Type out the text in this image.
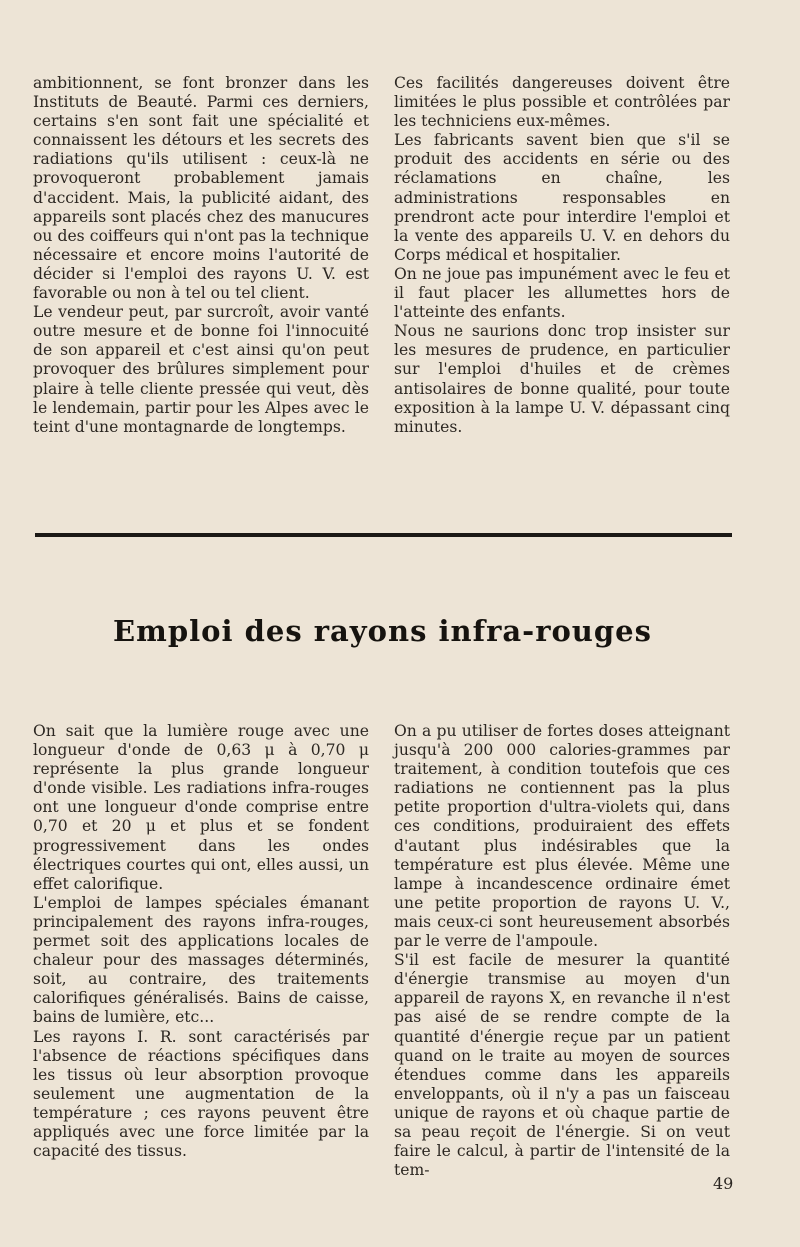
ambitionnent, se font bronzer dans les Instituts de Beauté. Parmi ces derniers, certains s'en sont fait une spécialité et connaissent les détours et les secrets des radiations qu'ils utilisent : ceux-là ne provoqueront probablement jamais d'accident. Mais, la publicité aidant, des appareils sont placés chez des manucures ou des coiffeurs qui n'ont pas la technique nécessaire et encore moins l'autorité de décider si l'emploi des rayons U. V. est favorable ou non à tel ou tel client.

Le vendeur peut, par surcroît, avoir vanté outre mesure et de bonne foi l'innocuité de son appareil et c'est ainsi qu'on peut provoquer des brûlures simplement pour plaire à telle cliente pressée qui veut, dès le lendemain, partir pour les Alpes avec le teint d'une montagnarde de longtemps.

Ces facilités dangereuses doivent être limitées le plus possible et contrôlées par les techniciens eux-mêmes.

Les fabricants savent bien que s'il se produit des accidents en série ou des réclamations en chaîne, les administrations responsables en prendront acte pour interdire l'emploi et la vente des appareils U. V. en dehors du Corps médical et hospitalier.

On ne joue pas impunément avec le feu et il faut placer les allumettes hors de l'atteinte des enfants.

Nous ne saurions donc trop insister sur les mesures de prudence, en particulier sur l'emploi d'huiles et de crèmes antisolaires de bonne qualité, pour toute exposition à la lampe U. V. dépassant cinq minutes.

Emploi des rayons infra-rouges

On sait que la lumière rouge avec une longueur d'onde de 0,63 μ à 0,70 μ représente la plus grande longueur d'onde visible. Les radiations infra-rouges ont une longueur d'onde comprise entre 0,70 et 20 μ et plus et se fondent progressivement dans les ondes électriques courtes qui ont, elles aussi, un effet calorifique.

L'emploi de lampes spéciales émanant principalement des rayons infra-rouges, permet soit des applications locales de chaleur pour des massages déterminés, soit, au contraire, des traitements calorifiques généralisés. Bains de caisse, bains de lumière, etc...

Les rayons I. R. sont caractérisés par l'absence de réactions spécifiques dans les tissus où leur absorption provoque seulement une augmentation de la température ; ces rayons peuvent être appliqués avec une force limitée par la capacité des tissus.

On a pu utiliser de fortes doses atteignant jusqu'à 200 000 calories-grammes par traitement, à condition toutefois que ces radiations ne contiennent pas la plus petite proportion d'ultra-violets qui, dans ces conditions, produiraient des effets d'autant plus indésirables que la température est plus élevée. Même une lampe à incandescence ordinaire émet une petite proportion de rayons U. V., mais ceux-ci sont heureusement absorbés par le verre de l'ampoule.

S'il est facile de mesurer la quantité d'énergie transmise au moyen d'un appareil de rayons X, en revanche il n'est pas aisé de se rendre compte de la quantité d'énergie reçue par un patient quand on le traite au moyen de sources étendues comme dans les appareils enveloppants, où il n'y a pas un faisceau unique de rayons et où chaque partie de sa peau reçoit de l'énergie. Si on veut faire le calcul, à partir de l'intensité de la tem-

49
